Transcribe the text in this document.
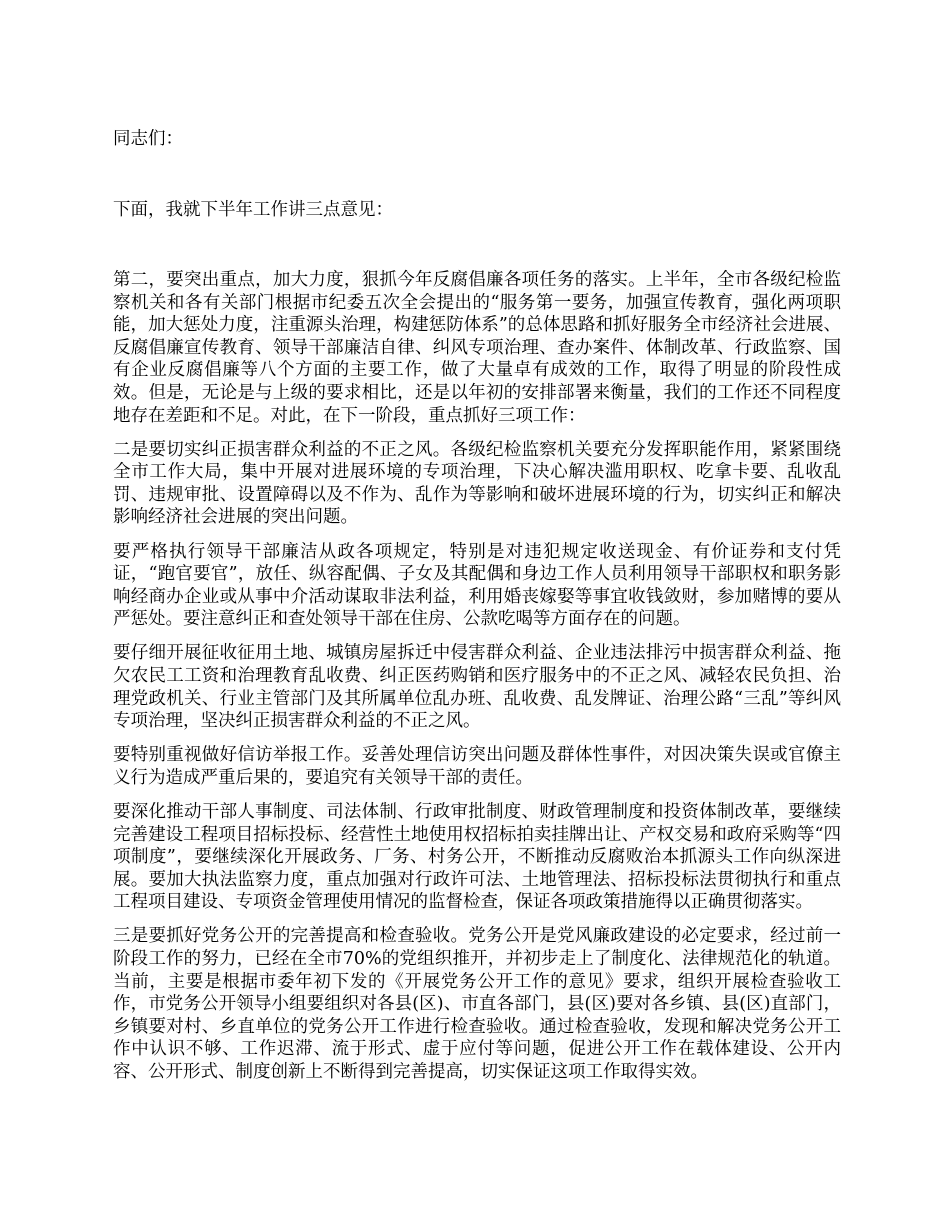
同志们：

下面，我就下半年工作讲三点意见：

第二，要突出重点，加大力度，狠抓今年反腐倡廉各项任务的落实。上半年，全市各级纪检监察机关和各有关部门根据市纪委五次全会提出的“服务第一要务，加强宣传教育，强化两项职能，加大惩处力度，注重源头治理，构建惩防体系”的总体思路和抓好服务全市经济社会进展、反腐倡廉宣传教育、领导干部廉洁自律、纠风专项治理、查办案件、体制改革、行政监察、国有企业反腐倡廉等八个方面的主要工作，做了大量卓有成效的工作，取得了明显的阶段性成效。但是，无论是与上级的要求相比，还是以年初的安排部署来衡量，我们的工作还不同程度地存在差距和不足。对此，在下一阶段，重点抓好三项工作：

二是要切实纠正损害群众利益的不正之风。各级纪检监察机关要充分发挥职能作用，紧紧围绕全市工作大局，集中开展对进展环境的专项治理，下决心解决滥用职权、吃拿卡要、乱收乱罚、违规审批、设置障碍以及不作为、乱作为等影响和破坏进展环境的行为，切实纠正和解决影响经济社会进展的突出问题。

要严格执行领导干部廉洁从政各项规定，特别是对违犯规定收送现金、有价证券和支付凭证，“跑官要官”，放任、纵容配偶、子女及其配偶和身边工作人员利用领导干部职权和职务影响经商办企业或从事中介活动谋取非法利益，利用婚丧嫁娶等事宜收钱敛财，参加赌博的要从严惩处。要注意纠正和查处领导干部在住房、公款吃喝等方面存在的问题。

要仔细开展征收征用土地、城镇房屋拆迁中侵害群众利益、企业违法排污中损害群众利益、拖欠农民工工资和治理教育乱收费、纠正医药购销和医疗服务中的不正之风、减轻农民负担、治理党政机关、行业主管部门及其所属单位乱办班、乱收费、乱发牌证、治理公路“三乱”等纠风专项治理，坚决纠正损害群众利益的不正之风。

要特别重视做好信访举报工作。妥善处理信访突出问题及群体性事件，对因决策失误或官僚主义行为造成严重后果的，要追究有关领导干部的责任。

要深化推动干部人事制度、司法体制、行政审批制度、财政管理制度和投资体制改革，要继续完善建设工程项目招标投标、经营性土地使用权招标拍卖挂牌出让、产权交易和政府采购等“四项制度”，要继续深化开展政务、厂务、村务公开，不断推动反腐败治本抓源头工作向纵深进展。要加大执法监察力度，重点加强对行政许可法、土地管理法、招标投标法贯彻执行和重点工程项目建设、专项资金管理使用情况的监督检查，保证各项政策措施得以正确贯彻落实。

三是要抓好党务公开的完善提高和检查验收。党务公开是党风廉政建设的必定要求，经过前一阶段工作的努力，已经在全市70%的党组织推开，并初步走上了制度化、法律规范化的轨道。当前，主要是根据市委年初下发的《开展党务公开工作的意见》要求，组织开展检查验收工作，市党务公开领导小组要组织对各县(区)、市直各部门，县(区)要对各乡镇、县(区)直部门，乡镇要对村、乡直单位的党务公开工作进行检查验收。通过检查验收，发现和解决党务公开工作中认识不够、工作迟滞、流于形式、虚于应付等问题，促进公开工作在载体建设、公开内容、公开形式、制度创新上不断得到完善提高，切实保证这项工作取得实效。
